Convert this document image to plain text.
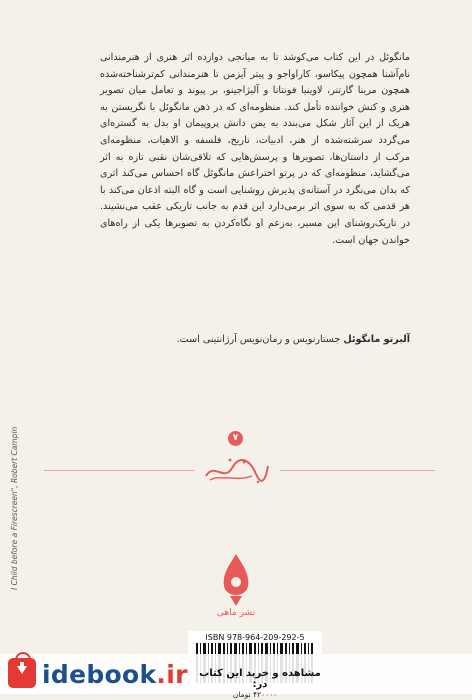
مانگوئل در این کتاب می‌کوشد تا به میانجی دوازده اثر هنری از هنرمندانی نام‌آشنا همچون پیکاسو، کاراواجو و پیتر آیزمن تا هنرمندانی کم‌ترشناخته‌شده همچون مرینا گارتنر، لاوینیا فونتانا و آلیژاجینو، بر پیوند و تعامل میان تصویر هنری و کنش خواننده تأمل کند. منظومه‌ای که در ذهن مانگوئل با نگریستن به هریک از این آثار شکل می‌بندد به یمن دانش پروپیمان او بدل به گستره‌ای می‌گردد سرشته‌شده از هنر، ادبیات، تاریخ، فلسفه و الاهیات، منظومه‌ای مرکب از داستان‌ها، تصویرها و پرسش‌هایی که تلاقی‌شان نقبی تازه به اثر می‌گشاید، منظومه‌ای که در پرتو اختراعش مانگوئل گاه احساس می‌کند اثری که بدان می‌نگرد در آستانه‌ی پذیرش روشنایی است و گاه البته اذعان می‌کند با هر قدمی که به سوی اثر برمی‌دارد این قدم به جانب تاریکی عقب می‌نشیند. در تاریک‌روشنای این مسیر، به‌زعم او نگاه‌کردن به تصویرها یکی از راه‌های خواندن جهان است.

آلبرتو مانگوئل جستارنویس و رمان‌نویس آرژانتینی است.
۷
I Child before a Firescreen", Robert Campin
نشر ماهی
ISBN 978-964-209-292-5
idebook.ir	مشاهده و خرید این کتاب در:
۴۲۰۰۰۰ تومان
